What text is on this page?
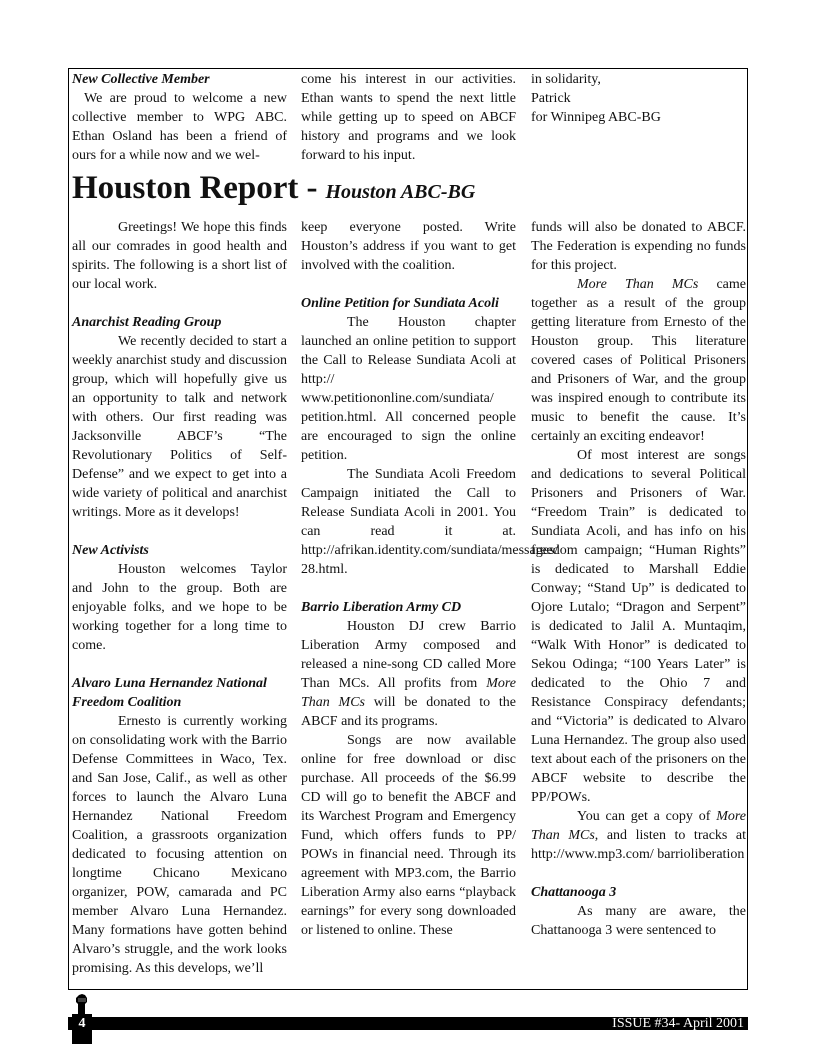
New Collective Member

We are proud to welcome a new collective member to WPG ABC. Ethan Osland has been a friend of ours for a while now and we wel-

come his interest in our activities. Ethan wants to spend the next little while getting up to speed on ABCF history and programs and we look forward to his input.

in solidarity,

Patrick

for Winnipeg ABC-BG

Houston Report - Houston ABC-BG

Greetings! We hope this finds all our comrades in good health and spirits. The following is a short list of our local work.

Anarchist Reading Group

We recently decided to start a weekly anarchist study and discussion group, which will hopefully give us an opportunity to talk and network with others. Our first reading was Jacksonville ABCF’s “The Revolutionary Politics of Self-Defense” and we expect to get into a wide variety of political and anarchist writings. More as it develops!

New Activists

Houston welcomes Taylor and John to the group. Both are enjoyable folks, and we hope to be working together for a long time to come.

Alvaro Luna Hernandez National Freedom Coalition

Ernesto is currently working on consolidating work with the Barrio Defense Committees in Waco, Tex. and San Jose, Calif., as well as other forces to launch the Alvaro Luna Hernandez National Freedom Coalition, a grassroots organization dedicated to focusing attention on longtime Chicano Mexicano organizer, POW, camarada and PC member Alvaro Luna Hernandez. Many formations have gotten behind Alvaro’s struggle, and the work looks promising. As this develops, we’ll

keep everyone posted. Write Houston’s address if you want to get involved with the coalition.

Online Petition for Sundiata Acoli

The Houston chapter launched an online petition to support the Call to Release Sundiata Acoli at http:// www.petitiononline.com/sundiata/ petition.html. All concerned people are encouraged to sign the online petition.

The Sundiata Acoli Freedom Campaign initiated the Call to Release Sundiata Acoli in 2001. You can read it at. http://afrikan.identity.com/sundiata/messages/ 28.html.

Barrio Liberation Army CD

Houston DJ crew Barrio Liberation Army composed and released a nine-song CD called More Than MCs. All profits from More Than MCs will be donated to the ABCF and its programs.

Songs are now available online for free download or disc purchase. All proceeds of the $6.99 CD will go to benefit the ABCF and its Warchest Program and Emergency Fund, which offers funds to PP/ POWs in financial need. Through its agreement with MP3.com, the Barrio Liberation Army also earns “playback earnings” for every song downloaded or listened to online. These

funds will also be donated to ABCF. The Federation is expending no funds for this project.

More Than MCs came together as a result of the group getting literature from Ernesto of the Houston group. This literature covered cases of Political Prisoners and Prisoners of War, and the group was inspired enough to contribute its music to benefit the cause. It’s certainly an exciting endeavor!

Of most interest are songs and dedications to several Political Prisoners and Prisoners of War. “Freedom Train” is dedicated to Sundiata Acoli, and has info on his freedom campaign; “Human Rights” is dedicated to Marshall Eddie Conway; “Stand Up” is dedicated to Ojore Lutalo; “Dragon and Serpent” is dedicated to Jalil A. Muntaqim, “Walk With Honor” is dedicated to Sekou Odinga; “100 Years Later” is dedicated to the Ohio 7 and Resistance Conspiracy defendants; and “Victoria” is dedicated to Alvaro Luna Hernandez. The group also used text about each of the prisoners on the ABCF website to describe the PP/POWs.

You can get a copy of More Than MCs, and listen to tracks at http://www.mp3.com/ barrioliberation

Chattanooga 3

As many are aware, the Chattanooga 3 were sentenced to

4	ISSUE #34- April 2001
